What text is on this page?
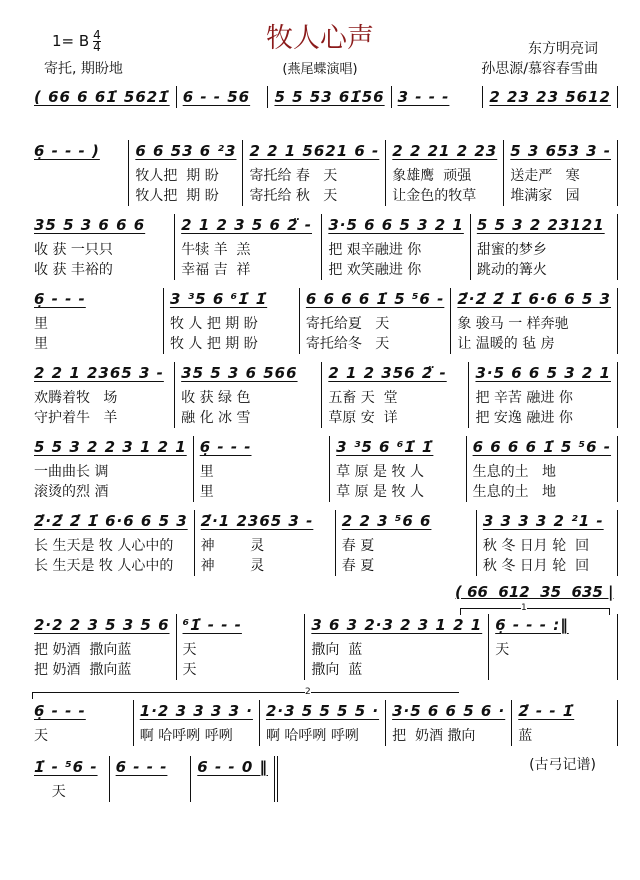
1= B $\frac{4}{4}$
寄托, 期盼地
牧人心声
(燕尾蝶演唱)
东方明亮词
孙思源/慕容春雪曲
( 66 6 61̇ 5621̇ 6 - - 56	5 5 53 61̇56 3 - - -	2 23 23 5612
6̣ - - - )	6 6 53 6 ²3
牧人把  期 盼
牧人把  期 盼
2 2 1 5621 6 -
寄托给 春   天
寄托给 秋   天
2 2 21 2 23
象雄鹰  顽强
让金色的牧草
5 3 653 3 -
送走严   寒
堆满家   园
35 5 3 6 6 6
收 获 一只只
收 获 丰裕的
2 1 2 3 5 6 2̈ -
牛犊 羊  羔
幸福 吉  祥
3·5 6 6 5 3 2 1
把 艰辛融进 你
把 欢笑融进 你
5 5 3 2 23121
甜蜜的梦乡
跳动的篝火
6̣ - - -
里
里
3 ³5 6 ⁶1̇ 1̇
牧 人 把 期 盼
牧 人 把 期 盼
6 6 6 6 1̇ 5 ⁵6 -
寄托给夏   天
寄托给冬   天
2̇·2̇ 2̇ 1̇ 6·6 6 5 3
象 骏马 一 样奔驰
让 温暖的 毡 房
2 2 1 2365 3 -
欢腾着牧   场
守护着牛   羊
35 5 3 6 566
收 获 绿 色
融 化 冰 雪
2 1 2 356 2̈ -
五畜 天  堂
草原 安  详
3·5 6 6 5 3 2 1
把 辛苦 融进 你
把 安逸 融进 你
5 5 3 2 2 3 1 2 1
一曲曲长 调
滚烫的烈 酒
6̣ - - -
里
里
3 ³5 6 ⁶1̇ 1̇
草 原 是 牧 人
草 原 是 牧 人
6 6 6 6 1̇ 5 ⁵6 -
生息的土   地
生息的土   地
2̇·2̇ 2̇ 1̇ 6·6 6 5 3
长 生天是 牧 人心中的
长 生天是 牧 人心中的
2̇·1 2365 3 -
神        灵
神        灵
2 2 3 ⁵6 6
春 夏
春 夏
3 3 3 3 2 ²1 -
秋 冬 日月 轮  回
秋 冬 日月 轮  回
2·2 2 3 5 3 5 6
把 奶酒  撒向蓝
把 奶酒  撒向蓝
⁶1̇ - - -
天
天
3 6 3 2·3 2 3 1 2 1
撒向  蓝
撒向  蓝
6̣ - - - :‖
天
6̣ - - -
天
1·2 3 3 3 3 ·
啊 哈呼咧 呼咧
2·3 5 5 5 5 ·
啊 哈呼咧 呼咧
3·5 6 6 5 6 ·
把  奶酒 撒向
2̇ - - 1̇
蓝
1̇ - ⁵6 -
天
6 - - -	6 - - 0 ‖
( 66  612  35  635 |
1
2
(古弓记谱)
